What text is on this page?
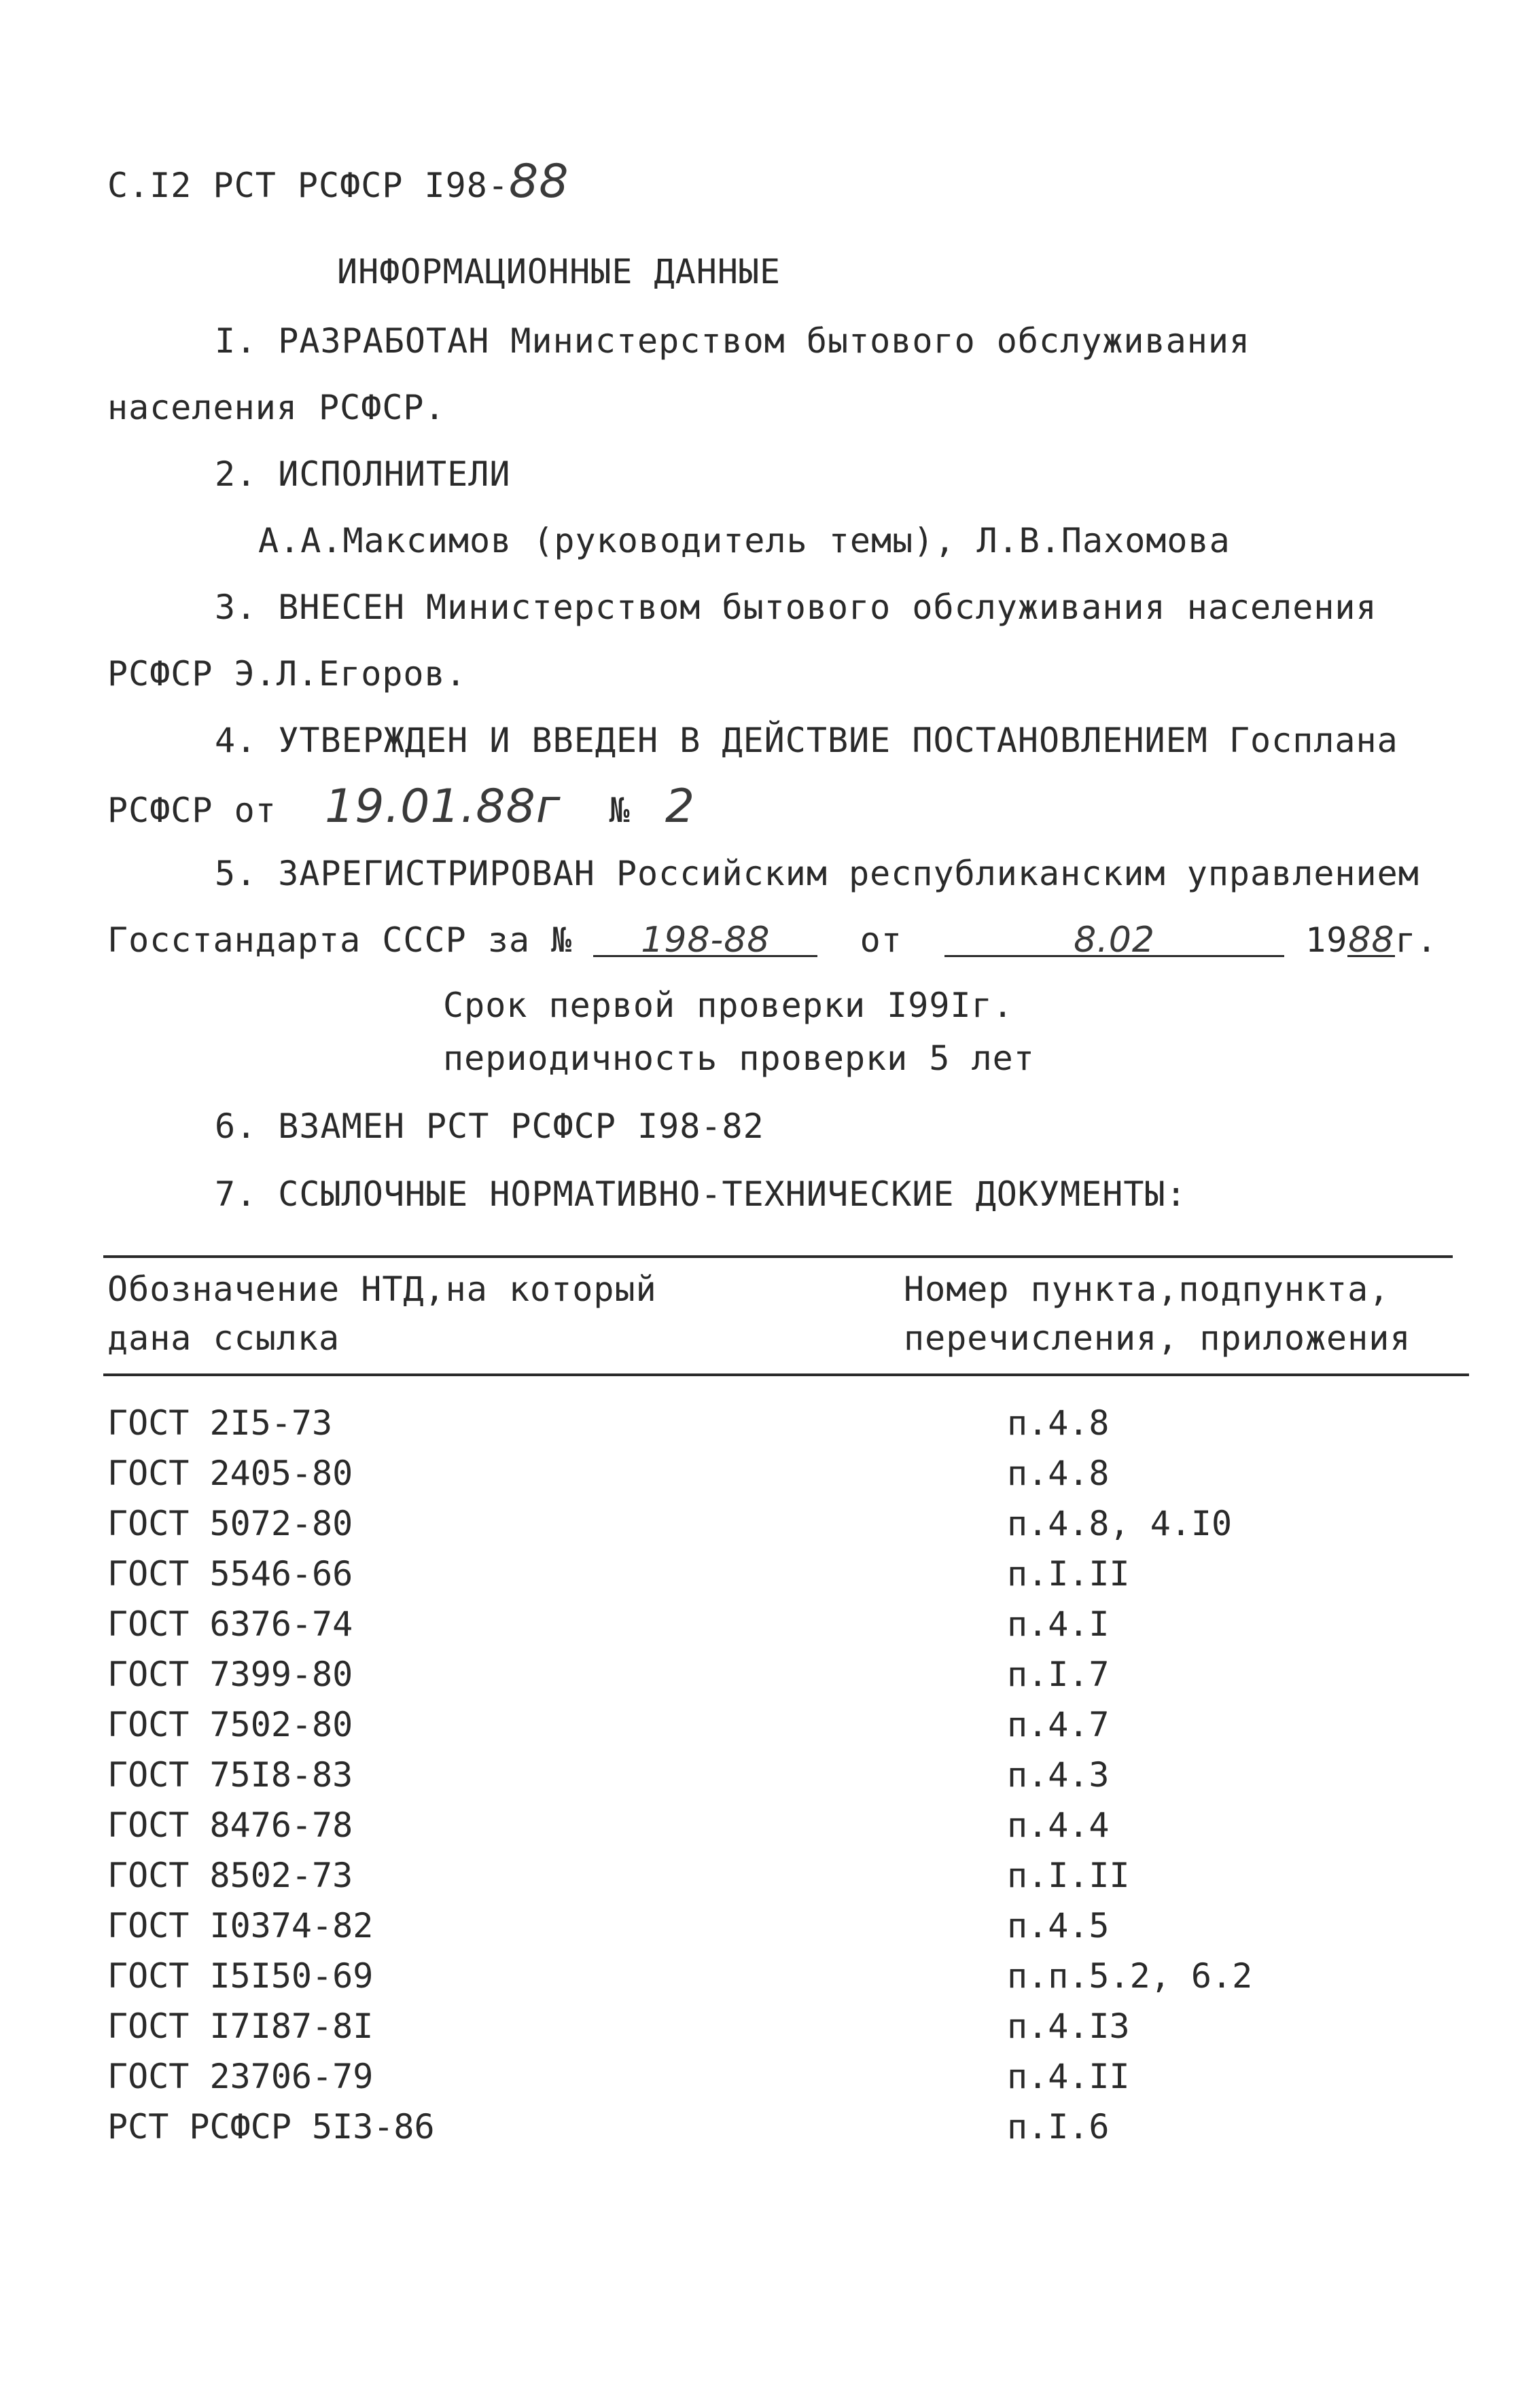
С.I2 РСТ РСФСР I98-88
ИНФОРМАЦИОННЫЕ ДАННЫЕ
I. РАЗРАБОТАН Министерством бытового обслуживания
населения РСФСР.
2. ИСПОЛНИТЕЛИ
А.А.Максимов (руководитель темы), Л.В.Пахомова
3. ВНЕСЕН Министерством бытового обслуживания населения
РСФСР Э.Л.Егоров.
4. УТВЕРЖДЕН И ВВЕДЕН В ДЕЙСТВИЕ ПОСТАНОВЛЕНИЕМ Госплана
РСФСР от 19.01.88г № 2
5. ЗАРЕГИСТРИРОВАН Российским республиканским управлением
Госстандарта СССР за № 198-88	от	8.02	1988г.
Срок первой проверки I99Iг.
периодичность проверки 5 лет
6. ВЗАМЕН РСТ РСФСР I98-82
7. ССЫЛОЧНЫЕ НОРМАТИВНО-ТЕХНИЧЕСКИЕ ДОКУМЕНТЫ:
Обозначение НТД,на который
дана ссылка
Номер пункта,подпункта,
перечисления, приложения
ГОСТ 2I5-73	п.4.8
ГОСТ 2405-80	п.4.8
ГОСТ 5072-80	п.4.8, 4.I0
ГОСТ 5546-66	п.I.II
ГОСТ 6376-74	п.4.I
ГОСТ 7399-80	п.I.7
ГОСТ 7502-80	п.4.7
ГОСТ 75I8-83	п.4.3
ГОСТ 8476-78	п.4.4
ГОСТ 8502-73	п.I.II
ГОСТ I0374-82	п.4.5
ГОСТ I5I50-69	п.п.5.2, 6.2
ГОСТ I7I87-8I	п.4.I3
ГОСТ 23706-79	п.4.II
РСТ РСФСР 5I3-86	п.I.6
